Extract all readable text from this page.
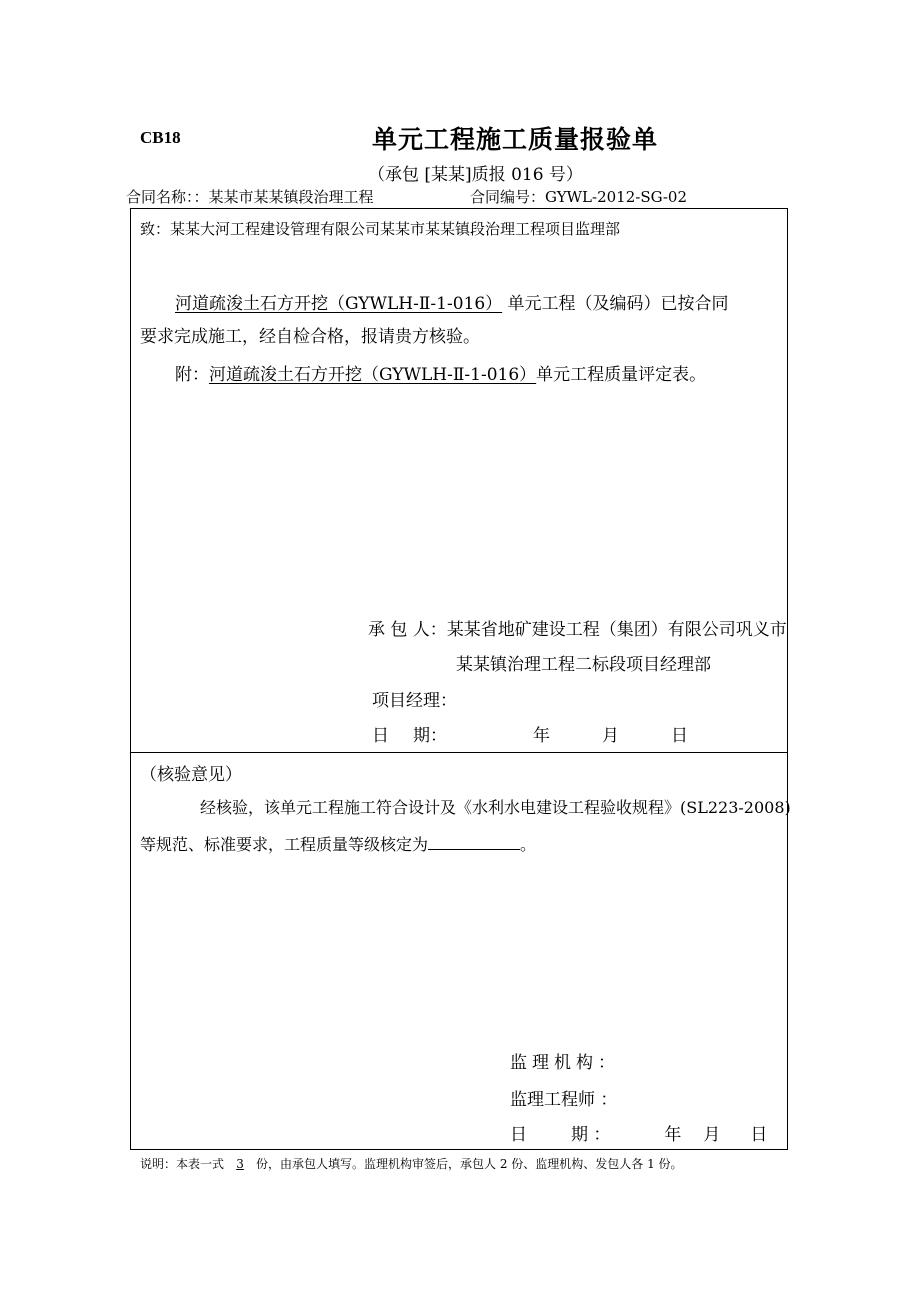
CB18	单元工程施工质量报验单
（承包 [某某]质报 016 号）
合同名称：：某某市某某镇段治理工程	合同编号：GYWL-2012-SG-02
致：某某大河工程建设管理有限公司某某市某某镇段治理工程项目监理部
河道疏浚土石方开挖（GYWLH-Ⅱ-1-016） 单元工程（及编码）已按合同
要求完成施工，经自检合格，报请贵方核验。
附：河道疏浚土石方开挖（GYWLH-Ⅱ-1-016）单元工程质量评定表。
承 包 人：某某省地矿建设工程（集团）有限公司巩义市
某某镇治理工程二标段项目经理部
项目经理：
日 期：	年	月	日
（核验意见）
经核验，该单元工程施工符合设计及《水利水电建设工程验收规程》(SL223-2008)
等规范、标准要求，工程质量等级核定为	。
监理机构：
监理工程师 ：
日	期 ：	年 月 日
说明：本表一式 3 份，由承包人填写。监理机构审签后，承包人 2 份、监理机构、发包人各 1 份。
